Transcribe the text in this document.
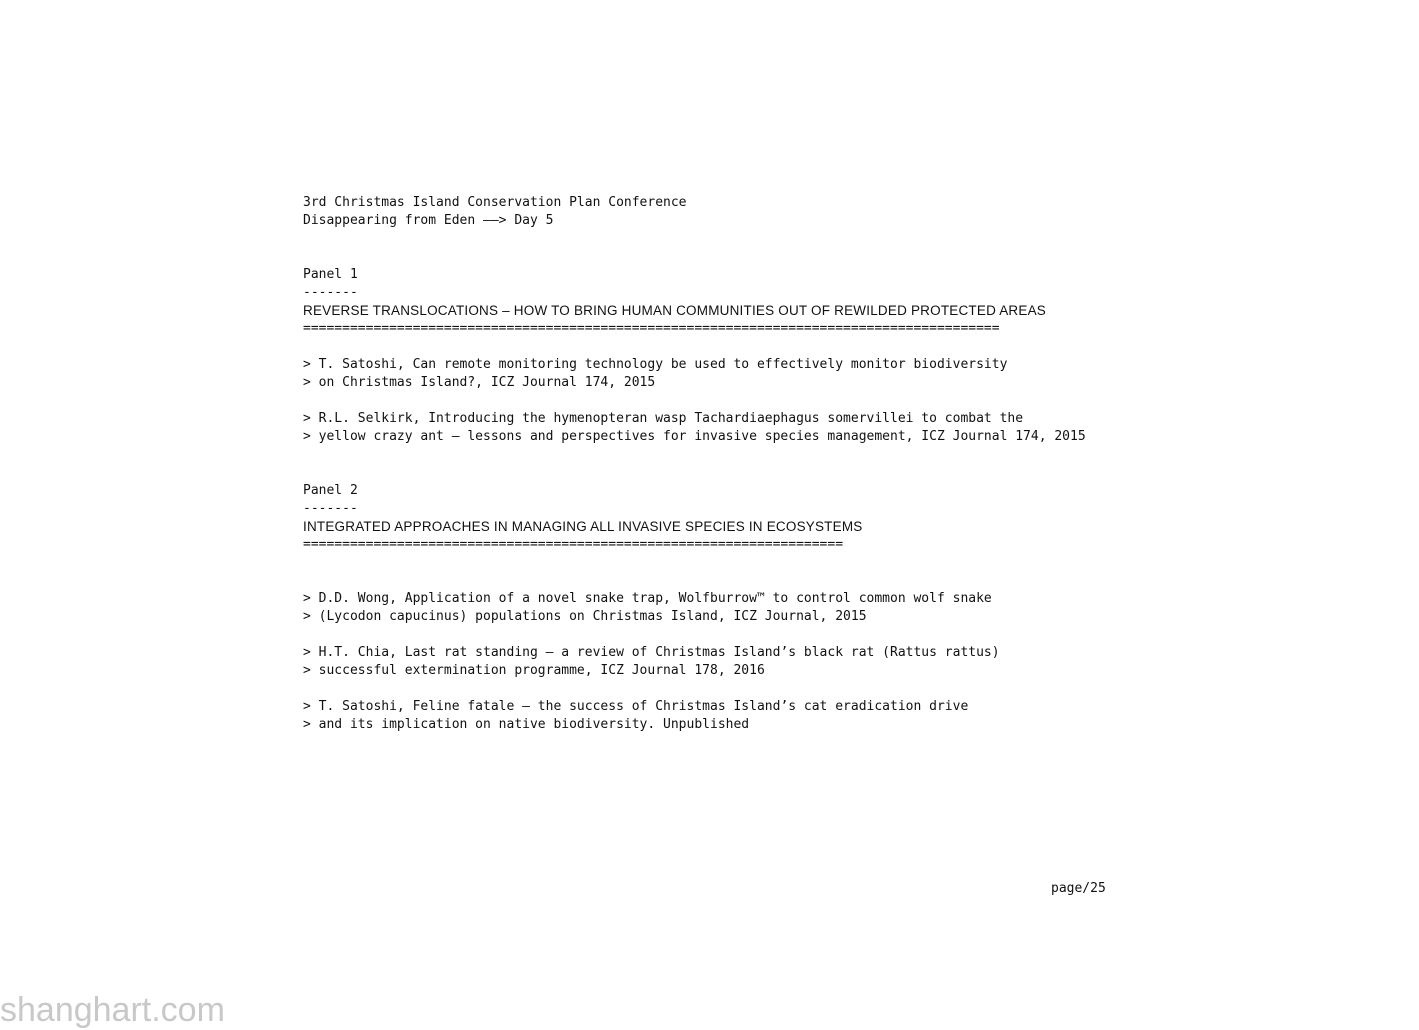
3rd Christmas Island Conservation Plan Conference
Disappearing from Eden ——> Day 5
Panel 1
-------
REVERSE TRANSLOCATIONS – HOW TO BRING HUMAN COMMUNITIES OUT OF REWILDED PROTECTED AREAS
=========================================================================================
> T. Satoshi, Can remote monitoring technology be used to effectively monitor biodiversity
> on Christmas Island?, ICZ Journal 174, 2015
> R.L. Selkirk, Introducing the hymenopteran wasp Tachardiaephagus somervillei to combat the
> yellow crazy ant – lessons and perspectives for invasive species management, ICZ Journal 174, 2015
Panel 2
-------
INTEGRATED APPROACHES IN MANAGING ALL INVASIVE SPECIES IN ECOSYSTEMS
=====================================================================
> D.D. Wong, Application of a novel snake trap, Wolfburrow™ to control common wolf snake
> (Lycodon capucinus) populations on Christmas Island, ICZ Journal, 2015
> H.T. Chia, Last rat standing – a review of Christmas Island’s black rat (Rattus rattus)
> successful extermination programme, ICZ Journal 178, 2016
> T. Satoshi, Feline fatale – the success of Christmas Island’s cat eradication drive
> and its implication on native biodiversity. Unpublished
page/25
shanghart.com
